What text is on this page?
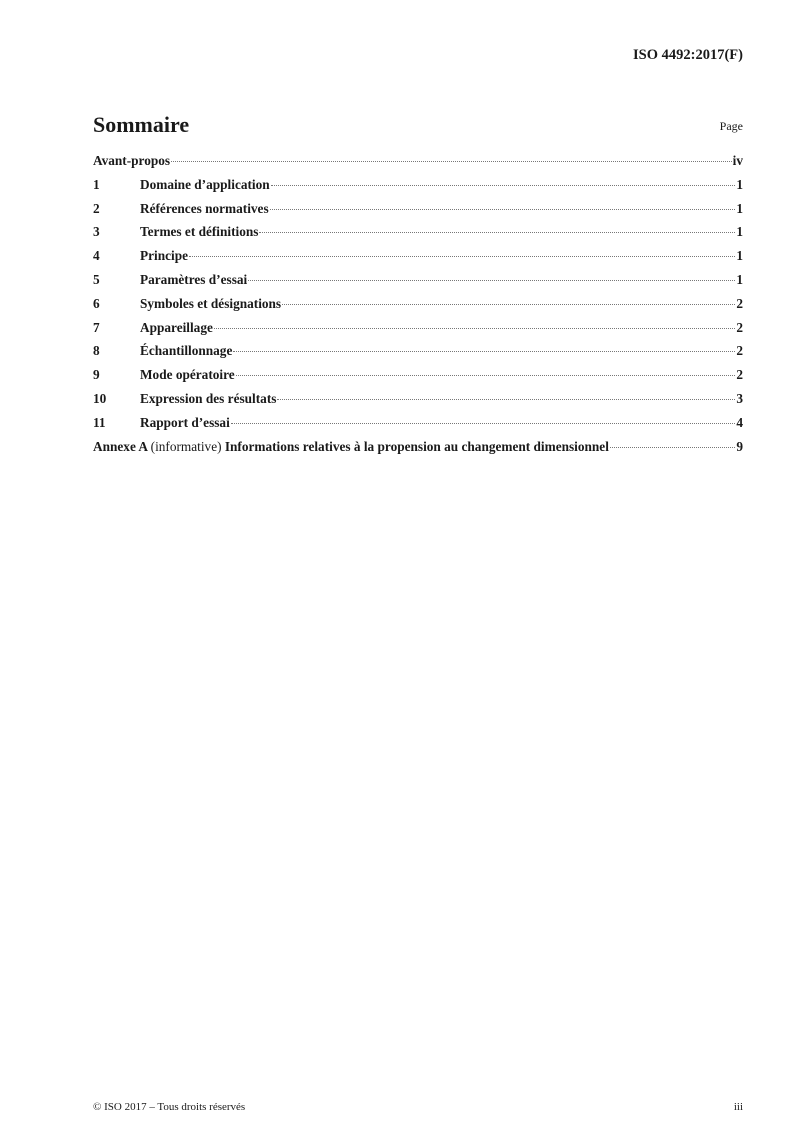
ISO 4492:2017(F)
Sommaire	Page
Avant-propos	iv
1	Domaine d’application	1
2	Références normatives	1
3	Termes et définitions	1
4	Principe	1
5	Paramètres d’essai	1
6	Symboles et désignations	2
7	Appareillage	2
8	Échantillonnage	2
9	Mode opératoire	2
10	Expression des résultats	3
11	Rapport d’essai	4
Annexe A (informative) Informations relatives à la propension au changement dimensionnel	9
© ISO 2017 – Tous droits réservés	iii
